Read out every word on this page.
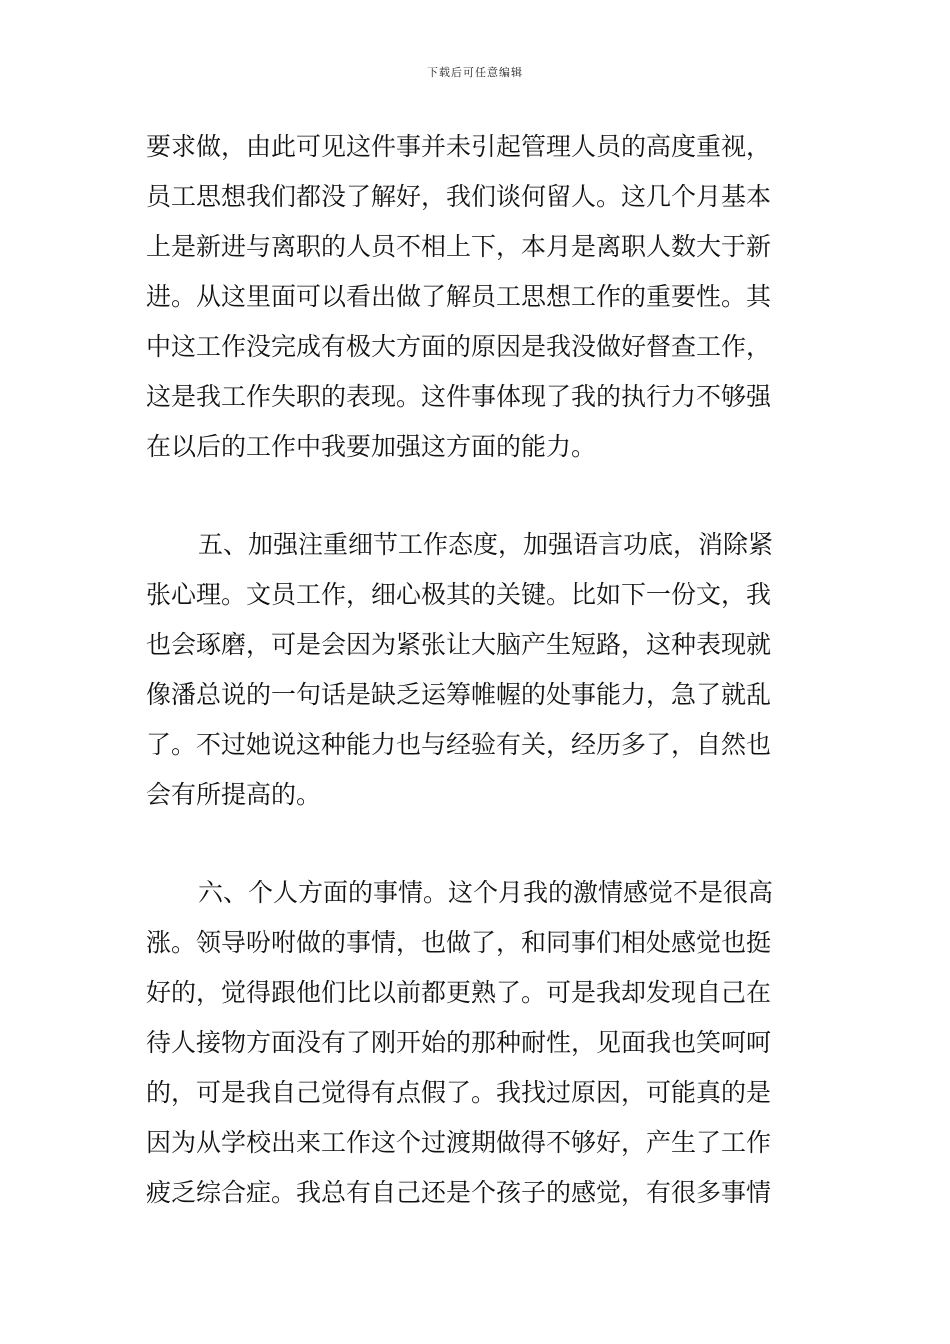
下载后可任意编辑
要求做，由此可见这件事并未引起管理人员的高度重视，
员工思想我们都没了解好，我们谈何留人。这几个月基本
上是新进与离职的人员不相上下，本月是离职人数大于新
进。从这里面可以看出做了解员工思想工作的重要性。其
中这工作没完成有极大方面的原因是我没做好督查工作，
这是我工作失职的表现。这件事体现了我的执行力不够强
在以后的工作中我要加强这方面的能力。
五、加强注重细节工作态度，加强语言功底，消除紧
张心理。文员工作，细心极其的关键。比如下一份文，我
也会琢磨，可是会因为紧张让大脑产生短路，这种表现就
像潘总说的一句话是缺乏运筹帷幄的处事能力，急了就乱
了。不过她说这种能力也与经验有关，经历多了，自然也
会有所提高的。
六、个人方面的事情。这个月我的激情感觉不是很高
涨。领导吩咐做的事情，也做了，和同事们相处感觉也挺
好的，觉得跟他们比以前都更熟了。可是我却发现自己在
待人接物方面没有了刚开始的那种耐性，见面我也笑呵呵
的，可是我自己觉得有点假了。我找过原因，可能真的是
因为从学校出来工作这个过渡期做得不够好，产生了工作
疲乏综合症。我总有自己还是个孩子的感觉，有很多事情
